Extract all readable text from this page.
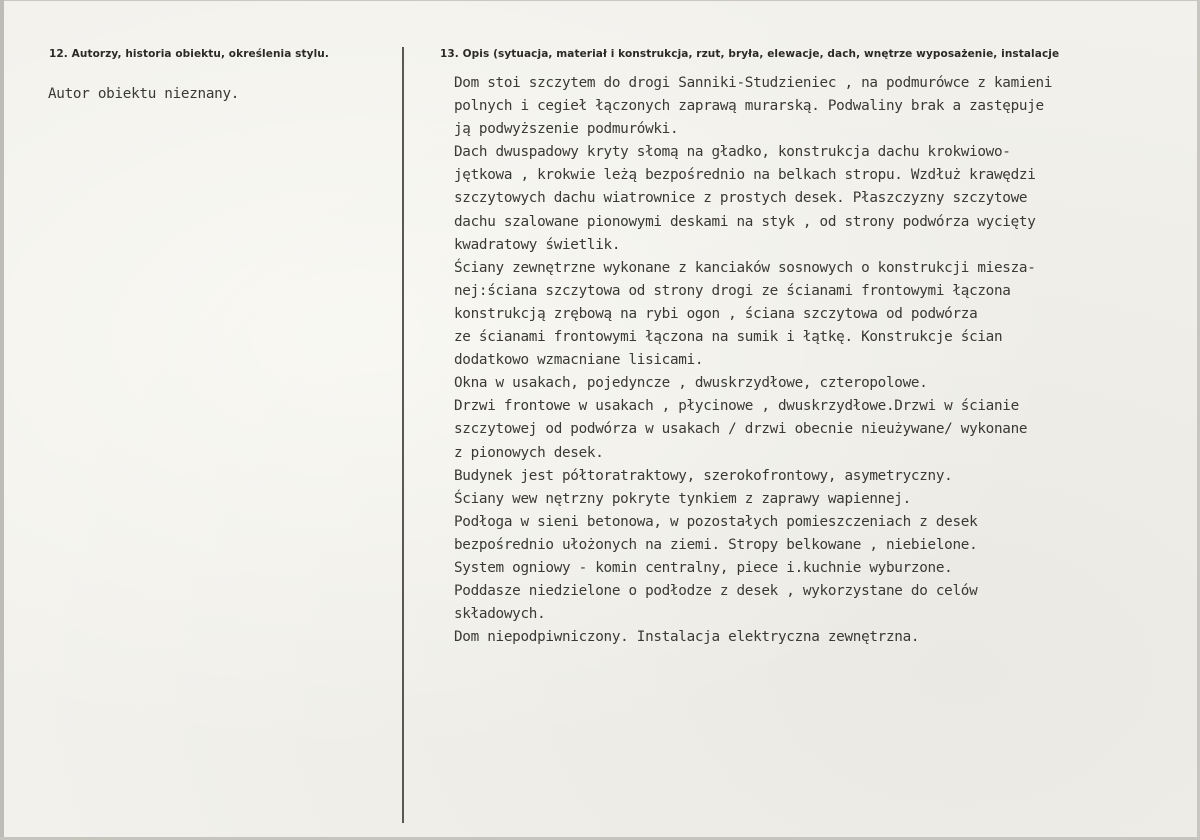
12. Autorzy, historia obiektu, określenia stylu.	13. Opis (sytuacja, materiał i konstrukcja, rzut, bryła, elewacje, dach, wnętrze wyposażenie, instalacje
Autor obiektu nieznany.
Dom stoi szczytem do drogi Sanniki-Studzieniec , na podmurówce z kamieni
polnych i cegieł łączonych zaprawą murarską. Podwaliny brak a zastępuje
ją podwyższenie podmurówki.
Dach dwuspadowy kryty słomą na gładko, konstrukcja dachu krokwiowo-
jętkowa , krokwie leżą bezpośrednio na belkach stropu. Wzdłuż krawędzi
szczytowych dachu wiatrownice z prostych desek. Płaszczyzny szczytowe
dachu szalowane pionowymi deskami na styk , od strony podwórza wycięty
kwadratowy świetlik.
Ściany zewnętrzne wykonane z kanciaków sosnowych o konstrukcji miesza-
nej:ściana szczytowa od strony drogi ze ścianami frontowymi łączona
konstrukcją zrębową na rybi ogon , ściana szczytowa od podwórza
ze ścianami frontowymi łączona na sumik i łątkę. Konstrukcje ścian
dodatkowo wzmacniane lisicami.
Okna w usakach, pojedyncze , dwuskrzydłowe, czteropolowe.
Drzwi frontowe w usakach , płycinowe , dwuskrzydłowe.Drzwi w ścianie
szczytowej od podwórza w usakach / drzwi obecnie nieużywane/ wykonane
z pionowych desek.
Budynek jest półtoratraktowy, szerokofrontowy, asymetryczny.
Ściany wew nętrzny pokryte tynkiem z zaprawy wapiennej.
Podłoga w sieni betonowa, w pozostałych pomieszczeniach z desek
bezpośrednio ułożonych na ziemi. Stropy belkowane , niebielone.
System ogniowy - komin centralny, piece i.kuchnie wyburzone.
Poddasze niedzielone o podłodze z desek , wykorzystane do celów
składowych.
Dom niepodpiwniczony. Instalacja elektryczna zewnętrzna.
